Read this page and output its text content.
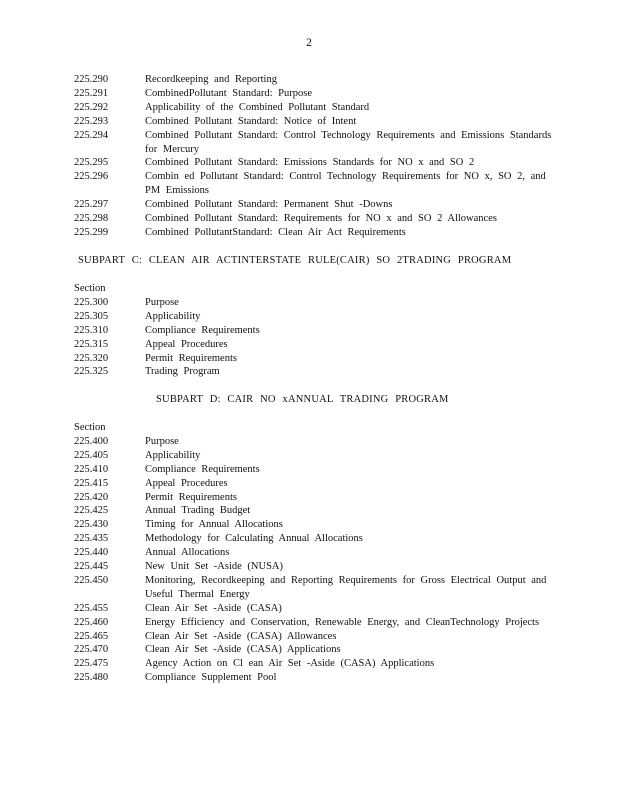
2
225.290	Recordkeeping and Reporting
225.291	CombinedPollutant Standard: Purpose
225.292	Applicability of the Combined Pollutant Standard
225.293	Combined Pollutant Standard: Notice of Intent
225.294	Combined Pollutant Standard: Control Technology Requirements and Emissions Standards for Mercury
225.295	Combined Pollutant Standard: Emissions Standards for NO x and SO 2
225.296	Combin ed Pollutant Standard: Control Technology Requirements for NO x, SO 2, and PM Emissions
225.297	Combined Pollutant Standard: Permanent Shut -Downs
225.298	Combined Pollutant Standard: Requirements for NO x and SO 2 Allowances
225.299	Combined PollutantStandard: Clean Air Act Requirements
SUBPART C: CLEAN AIR ACTINTERSTATE RULE(CAIR) SO 2TRADING PROGRAM
Section
225.300	Purpose
225.305	Applicability
225.310	Compliance Requirements
225.315	Appeal Procedures
225.320	Permit Requirements
225.325	Trading Program
SUBPART D: CAIR NO xANNUAL TRADING PROGRAM
Section
225.400	Purpose
225.405	Applicability
225.410	Compliance Requirements
225.415	Appeal Procedures
225.420	Permit Requirements
225.425	Annual Trading Budget
225.430	Timing for Annual Allocations
225.435	Methodology for Calculating Annual Allocations
225.440	Annual Allocations
225.445	New Unit Set -Aside (NUSA)
225.450	Monitoring, Recordkeeping and Reporting Requirements for Gross Electrical Output and Useful Thermal Energy
225.455	Clean Air Set -Aside (CASA)
225.460	Energy Efficiency and Conservation, Renewable Energy, and CleanTechnology Projects
225.465	Clean Air Set -Aside (CASA) Allowances
225.470	Clean Air Set -Aside (CASA) Applications
225.475	Agency Action on Cl ean Air Set -Aside (CASA) Applications
225.480	Compliance Supplement Pool
